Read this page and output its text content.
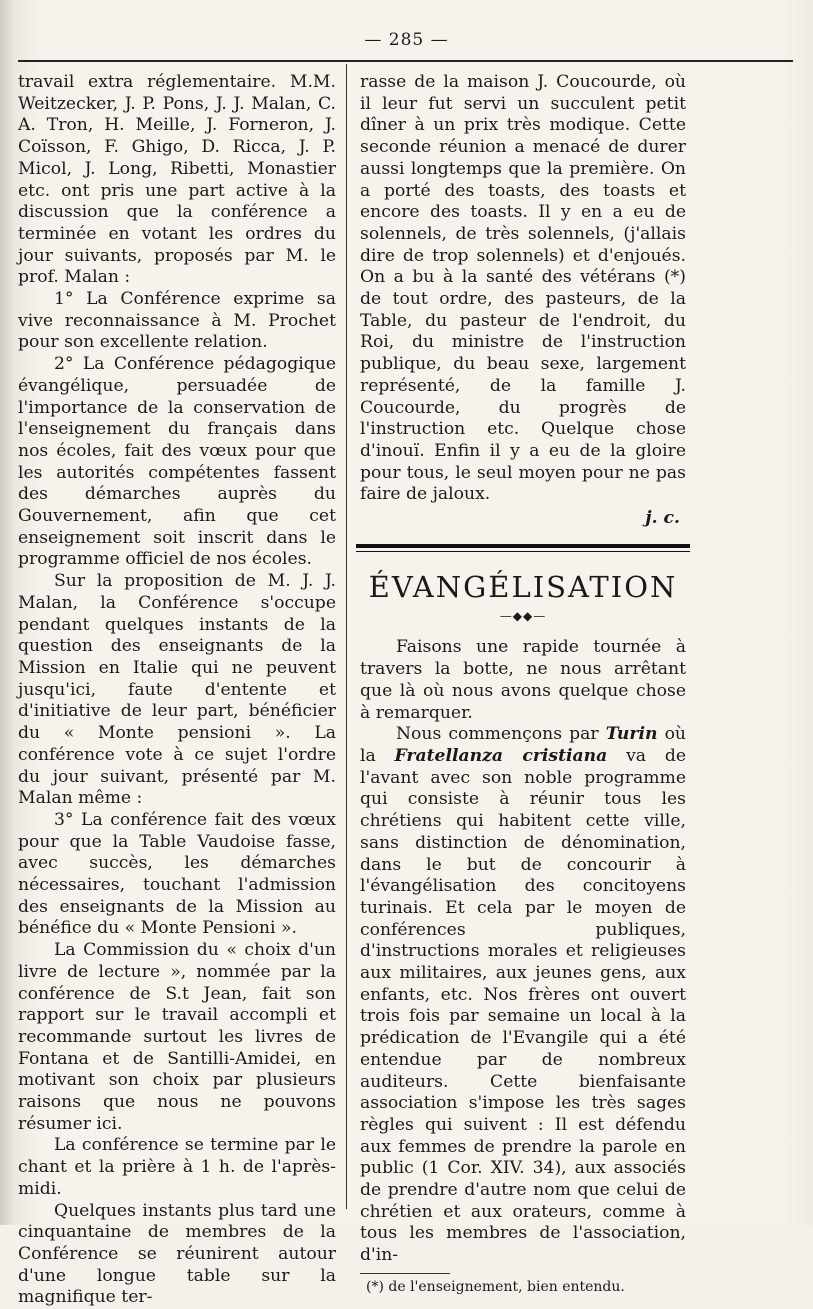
— 285 —

travail extra réglementaire. M.M. Weitzecker, J. P. Pons, J. J. Malan, C. A. Tron, H. Meille, J. Forneron, J. Coïsson, F. Ghigo, D. Ricca, J. P. Micol, J. Long, Ribetti, Monastier etc. ont pris une part active à la discussion que la conférence a terminée en votant les ordres du jour suivants, proposés par M. le prof. Malan :

1° La Conférence exprime sa vive reconnaissance à M. Prochet pour son excellente relation.

2° La Conférence pédagogique évangélique, persuadée de l'importance de la conservation de l'enseignement du français dans nos écoles, fait des vœux pour que les autorités compétentes fassent des démarches auprès du Gouvernement, afin que cet enseignement soit inscrit dans le programme officiel de nos écoles.

Sur la proposition de M. J. J. Malan, la Conférence s'occupe pendant quelques instants de la question des enseignants de la Mission en Italie qui ne peuvent jusqu'ici, faute d'entente et d'initiative de leur part, bénéficier du « Monte pensioni ». La conférence vote à ce sujet l'ordre du jour suivant, présenté par M. Malan même :

3° La conférence fait des vœux pour que la Table Vaudoise fasse, avec succès, les démarches nécessaires, touchant l'admission des enseignants de la Mission au bénéfice du « Monte Pensioni ».

La Commission du « choix d'un livre de lecture », nommée par la conférence de S.t Jean, fait son rapport sur le travail accompli et recommande surtout les livres de Fontana et de Santilli-Amidei, en motivant son choix par plusieurs raisons que nous ne pouvons résumer ici.

La conférence se termine par le chant et la prière à 1 h. de l'après-midi.

Quelques instants plus tard une cinquantaine de membres de la Conférence se réunirent autour d'une longue table sur la magnifique ter-

rasse de la maison J. Coucourde, où il leur fut servi un succulent petit dîner à un prix très modique. Cette seconde réunion a menacé de durer aussi longtemps que la première. On a porté des toasts, des toasts et encore des toasts. Il y en a eu de solennels, de très solennels, (j'allais dire de trop solennels) et d'enjoués. On a bu à la santé des vétérans (*) de tout ordre, des pasteurs, de la Table, du pasteur de l'endroit, du Roi, du ministre de l'instruction publique, du beau sexe, largement représenté, de la famille J. Coucourde, du progrès de l'instruction etc. Quelque chose d'inouï. Enfin il y a eu de la gloire pour tous, le seul moyen pour ne pas faire de jaloux.

j. c.
ÉVANGÉLISATION
—◆◆—

Faisons une rapide tournée à travers la botte, ne nous arrêtant que là où nous avons quelque chose à remarquer.

Nous commençons par Turin où la Fratellanza cristiana va de l'avant avec son noble programme qui consiste à réunir tous les chrétiens qui habitent cette ville, sans distinction de dénomination, dans le but de concourir à l'évangélisation des concitoyens turinais. Et cela par le moyen de conférences publiques, d'instructions morales et religieuses aux militaires, aux jeunes gens, aux enfants, etc. Nos frères ont ouvert trois fois par semaine un local à la prédication de l'Evangile qui a été entendue par de nombreux auditeurs. Cette bienfaisante association s'impose les très sages règles qui suivent : Il est défendu aux femmes de prendre la parole en public (1 Cor. XIV. 34), aux associés de prendre d'autre nom que celui de chrétien et aux orateurs, comme à tous les membres de l'association, d'in-

(*) de l'enseignement, bien entendu.
